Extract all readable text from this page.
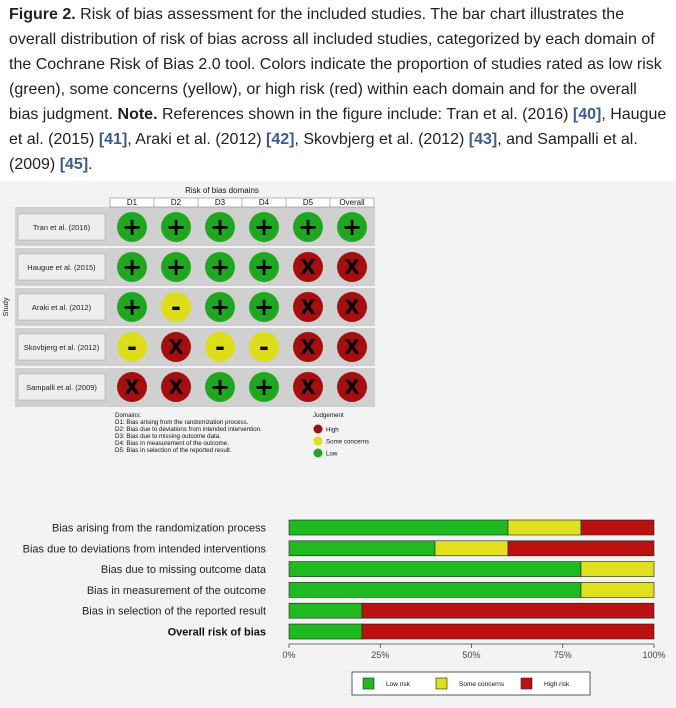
Figure 2. Risk of bias assessment for the included studies. The bar chart illustrates the overall distribution of risk of bias across all included studies, categorized by each domain of the Cochrane Risk of Bias 2.0 tool. Colors indicate the proportion of studies rated as low risk (green), some concerns (yellow), or high risk (red) within each domain and for the overall bias judgment. Note. References shown in the figure include: Tran et al. (2016) [40], Haugue et al. (2015) [41], Araki et al. (2012) [42], Skovbjerg et al. (2012) [43], and Sampalli et al. (2009) [45].
Risk of bias domains
D1	D2	D3	D4	D5	Overall
Study
Tran et al. (2016) + + + + + +
Haugue et al. (2015) + + + + X X
Araki et al. (2012) + - + + X X
Skovbjerg et al. (2012) - X - - X X
Sampalli et al. (2009) X X + + X X
Domains:
D1: Bias arising from the randomization process.
D2: Bias due to deviations from intended intervention.
D3: Bias due to missing outcome data.
D4: Bias in measurement of the outcome.
D5: Bias in selection of the reported result.
Judgement
High
Some concerns
Low
Bias arising from the randomization process
Bias due to deviations from intended interventions
Bias due to missing outcome data
Bias in measurement of the outcome
Bias in selection of the reported result
Overall risk of bias
0%	25%	50%	75%	100%
Low risk	Some concerns	High risk
